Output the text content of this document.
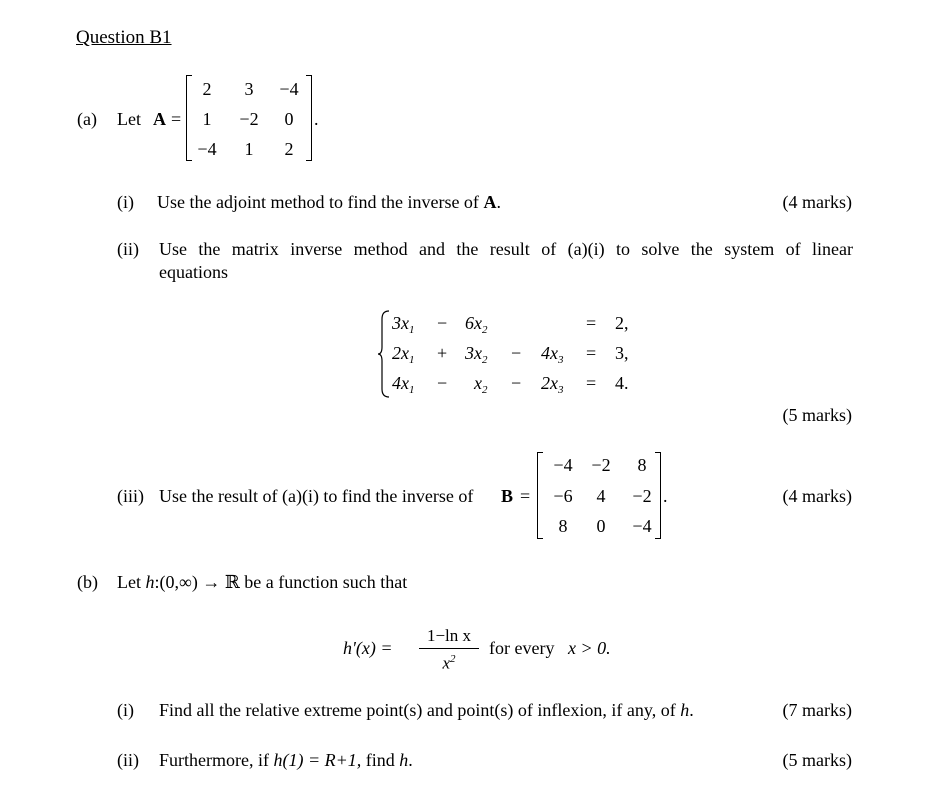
Question B1
(a) Let A =
2	3	−4
1	−2	0
−4	1	2
.
(i) Use the adjoint method to find the inverse of A.	(4 marks)
(ii) Use the matrix inverse method and the result of (a)(i) to solve the system of linear
equations
$3x_1 - 6x_2$	= 2,
$2x_1 + 3x_2 - 4x_3 = 3$,
$4x_1 - x_2 - 2x_3 = 4$.
(5 marks)
(iii) Use the result of (a)(i) to find the inverse of B =
−4	−2	8
−6	4	−2
8	0	−4
.	(4 marks)
(b) Let h:(0,∞) → ℝ be a function such that
h'(x) =
1−ln x
$x^2$
for every x > 0.
(i) Find all the relative extreme point(s) and point(s) of inflexion, if any, of h.	(7 marks)
(ii) Furthermore, if h(1) = R+1, find h.	(5 marks)
